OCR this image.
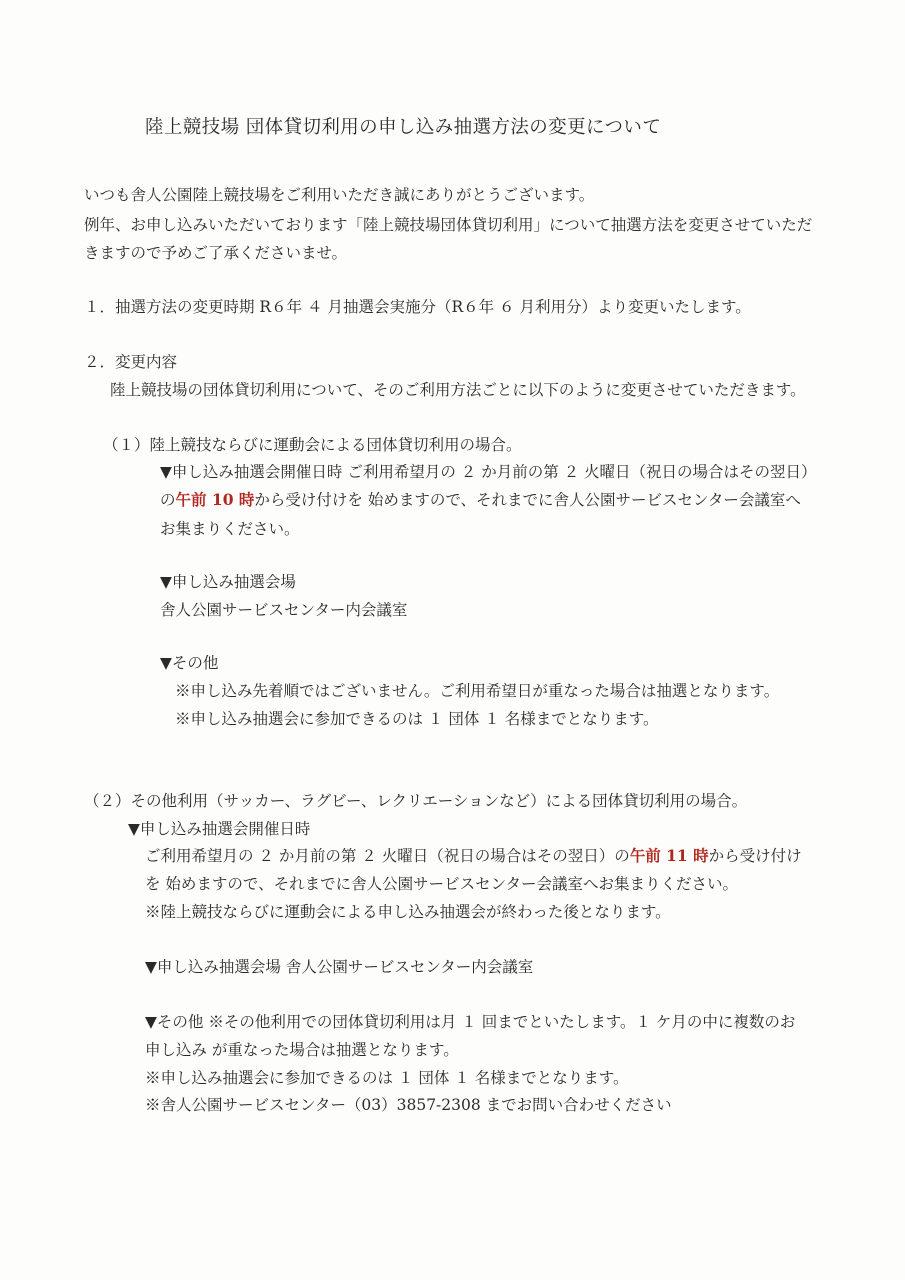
陸上競技場 団体貸切利用の申し込み抽選方法の変更について
いつも舎人公園陸上競技場をご利用いただき誠にありがとうございます。
例年、お申し込みいただいております「陸上競技場団体貸切利用」について抽選方法を変更させていただ
きますので予めご了承くださいませ。
１．抽選方法の変更時期 R６年 ４ 月抽選会実施分（R６年 ６ 月利用分）より変更いたします。
２．変更内容
陸上競技場の団体貸切利用について、そのご利用方法ごとに以下のように変更させていただきます。
（１）陸上競技ならびに運動会による団体貸切利用の場合。
▼申し込み抽選会開催日時 ご利用希望月の ２ か月前の第 ２ 火曜日（祝日の場合はその翌日）
の午前 10 時から受け付けを 始めますので、それまでに舎人公園サービスセンター会議室へ
お集まりください。
▼申し込み抽選会場
舎人公園サービスセンター内会議室
▼その他
※申し込み先着順ではございません。ご利用希望日が重なった場合は抽選となります。
※申し込み抽選会に参加できるのは １ 団体 １ 名様までとなります。
（２）その他利用（サッカー、ラグビー、レクリエーションなど）による団体貸切利用の場合。
▼申し込み抽選会開催日時
ご利用希望月の ２ か月前の第 ２ 火曜日（祝日の場合はその翌日）の午前 11 時から受け付け
を 始めますので、それまでに舎人公園サービスセンター会議室へお集まりください。
※陸上競技ならびに運動会による申し込み抽選会が終わった後となります。
▼申し込み抽選会場 舎人公園サービスセンター内会議室
▼その他 ※その他利用での団体貸切利用は月 １ 回までといたします。１ ケ月の中に複数のお
申し込み が重なった場合は抽選となります。
※申し込み抽選会に参加できるのは １ 団体 １ 名様までとなります。
※舎人公園サービスセンター（03）3857-2308 までお問い合わせください
